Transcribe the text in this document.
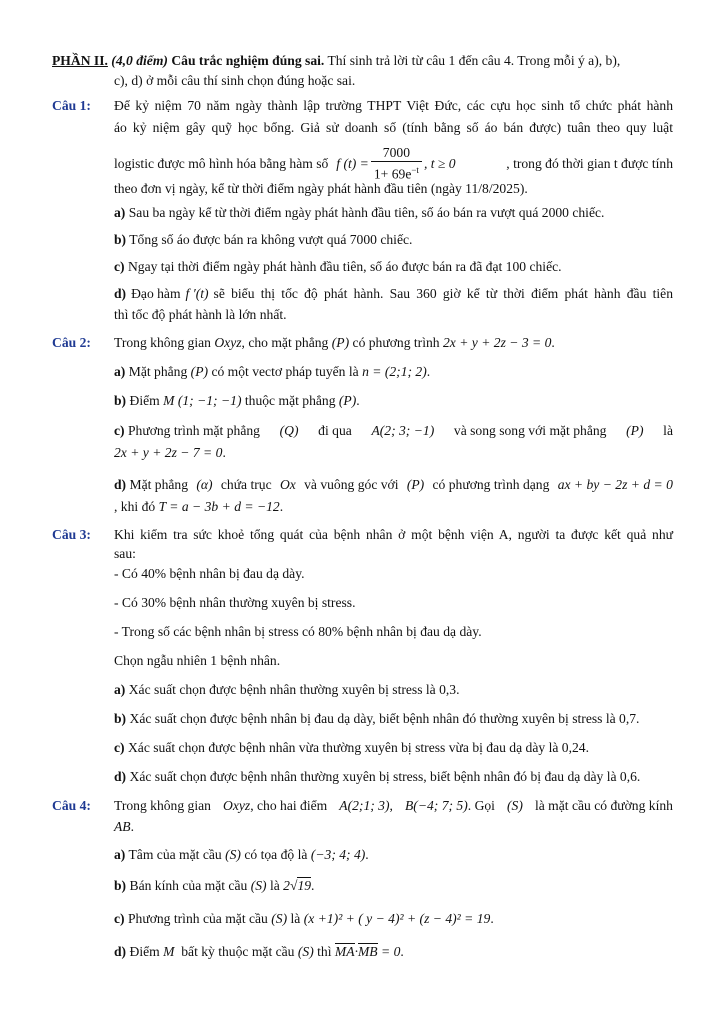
PHẦN II. (4,0 điểm) Câu trắc nghiệm đúng sai. Thí sinh trả lời từ câu 1 đến câu 4. Trong mỗi ý a), b),
c), d) ở mỗi câu thí sinh chọn đúng hoặc sai.
Câu 1: Để kỷ niệm 70 năm ngày thành lập trường THPT Việt Đức, các cựu học sinh tổ chức phát hành
áo kỷ niệm gây quỹ học bổng. Giả sử doanh số (tính bằng số áo bán được) tuân theo quy luật
logistic được mô hình hóa bằng hàm số f $(t) = \frac{7000}{1+ 69e^{-t}}$ , t ≥ 0	, trong đó thời gian t được tính
theo đơn vị ngày, kể từ thời điểm ngày phát hành đầu tiên (ngày 11/8/2025).
a) Sau ba ngày kể từ thời điểm ngày phát hành đầu tiên, số áo bán ra vượt quá 2000 chiếc.
b) Tổng số áo được bán ra không vượt quá 7000 chiếc.
c) Ngay tại thời điểm ngày phát hành đầu tiên, số áo được bán ra đã đạt 100 chiếc.
d) Đạo hàm f ′(t) sẽ biểu thị tốc độ phát hành. Sau 360 giờ kể từ thời điểm phát hành đầu tiên
thì tốc độ phát hành là lớn nhất.
Câu 2: Trong không gian Oxyz, cho mặt phẳng (P) có phương trình 2x + y + 2z − 3 = 0.
a) Mặt phẳng (P) có một vectơ pháp tuyến là n = (2;1; 2).
b) Điểm M (1; −1; −1) thuộc mặt phẳng (P).
c) Phương trình mặt phẳng (Q) đi qua A(2; 3; −1) và song song với mặt phẳng (P) là
2x + y + 2z − 7 = 0.
d) Mặt phẳng (α) chứa trục Ox và vuông góc với (P) có phương trình dạng ax + by − 2z + d = 0
, khi đó T = a − 3b + d = −12.
Câu 3: Khi kiểm tra sức khoẻ tổng quát của bệnh nhân ở một bệnh viện A, người ta được kết quả như
sau:
- Có 40% bệnh nhân bị đau dạ dày.
- Có 30% bệnh nhân thường xuyên bị stress.
- Trong số các bệnh nhân bị stress có 80% bệnh nhân bị đau dạ dày.
Chọn ngẫu nhiên 1 bệnh nhân.
a) Xác suất chọn được bệnh nhân thường xuyên bị stress là 0,3.
b) Xác suất chọn được bệnh nhân bị đau dạ dày, biết bệnh nhân đó thường xuyên bị stress là 0,7.
c) Xác suất chọn được bệnh nhân vừa thường xuyên bị stress vừa bị đau dạ dày là 0,24.
d) Xác suất chọn được bệnh nhân thường xuyên bị stress, biết bệnh nhân đó bị đau dạ dày là 0,6.
Câu 4: Trong không gian Oxyz, cho hai điểm A(2;1; 3), B(−4; 7; 5). Gọi (S) là mặt cầu có đường kính
AB.
a) Tâm của mặt cầu (S) có tọa độ là (−3; 4; 4).
b) Bán kính của mặt cầu (S) là 2√19.
c) Phương trình của mặt cầu (S) là (x +1)² + ( y − 4)² + (z − 4)² = 19.
d) Điểm M bất kỳ thuộc mặt cầu (S) thì MA·MB = 0.
